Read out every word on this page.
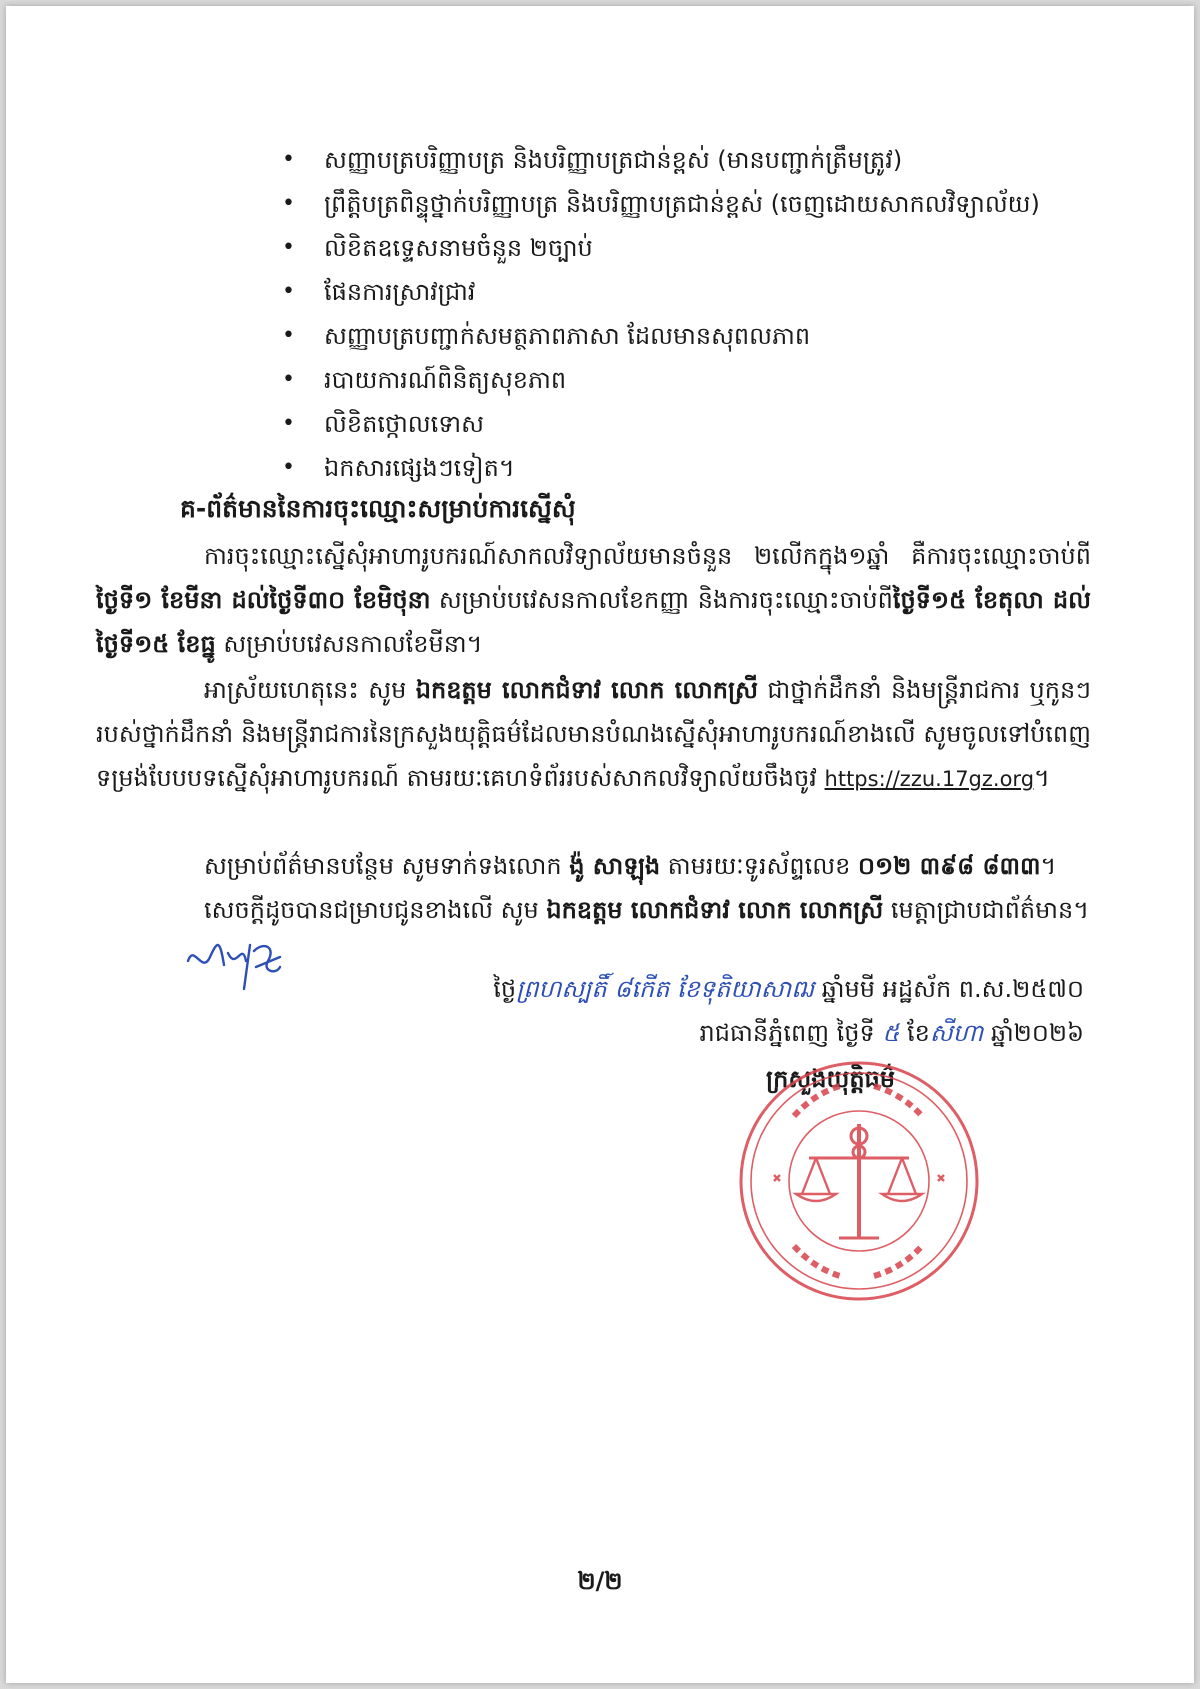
• សញ្ញាបត្របរិញ្ញាបត្រ និងបរិញ្ញាបត្រជាន់ខ្ពស់ (មានបញ្ជាក់ត្រឹមត្រូវ)
• ព្រឹត្តិបត្រពិន្ទុថ្នាក់បរិញ្ញាបត្រ និងបរិញ្ញាបត្រជាន់ខ្ពស់ (ចេញដោយសាកលវិទ្យាល័យ)
• លិខិតឧទ្ទេសនាមចំនួន ២ច្បាប់
• ផែនការស្រាវជ្រាវ
• សញ្ញាបត្របញ្ជាក់សមត្ថភាពភាសា ដែលមានសុពលភាព
• របាយការណ៍ពិនិត្យសុខភាព
• លិខិតថ្កោលទោស
• ឯកសារផ្សេងៗទៀត។
គ-ព័ត៌មាននៃការចុះឈ្មោះសម្រាប់ការស្នើសុំ
ការចុះឈ្មោះស្នើសុំអាហារូបករណ៍សាកលវិទ្យាល័យមានចំនួន ២លើកក្នុង១ឆ្នាំ គឺការចុះឈ្មោះចាប់ពីថ្ងៃទី១ ខែមីនា ដល់ថ្ងៃទី៣០ ខែមិថុនា សម្រាប់បវេសនកាលខែកញ្ញា និងការចុះឈ្មោះចាប់ពីថ្ងៃទី១៥ ខែតុលា ដល់ថ្ងៃទី១៥ ខែធ្នូ សម្រាប់បវេសនកាលខែមីនា។
អាស្រ័យហេតុនេះ សូម ឯកឧត្តម លោកជំទាវ លោក លោកស្រី ជាថ្នាក់ដឹកនាំ និងមន្ត្រីរាជការ ឬកូនៗរបស់ថ្នាក់ដឹកនាំ និងមន្ត្រីរាជការនៃក្រសួងយុត្តិធម៌ដែលមានបំណងស្នើសុំអាហារូបករណ៍ខាងលើ សូមចូលទៅបំពេញទម្រង់បែបបទស្នើសុំអាហារូបករណ៍ តាមរយៈគេហទំព័ររបស់សាកលវិទ្យាល័យចឹងចូវ https://zzu.17gz.org។
សម្រាប់ព័ត៌មានបន្ថែម សូមទាក់ទងលោក ង៉ូ សាឡុង តាមរយៈទូរស័ព្ទលេខ ០១២ ៣៩៨ ៨៣៣។
សេចក្តីដូចបានជម្រាបជូនខាងលើ សូម ឯកឧត្តម លោកជំទាវ លោក លោកស្រី មេត្តាជ្រាបជាព័ត៌មាន។
ថ្ងៃព្រហស្បតិ៍ ៨កើត ខែទុតិយាសាឍ ឆ្នាំមមី អដ្ឋស័ក ព.ស.២៥៧០
រាជធានីភ្នំពេញ ថ្ងៃទី ៥ ខែសីហា ឆ្នាំ២០២៦
ក្រសួងយុត្តិធម៌
២/២
